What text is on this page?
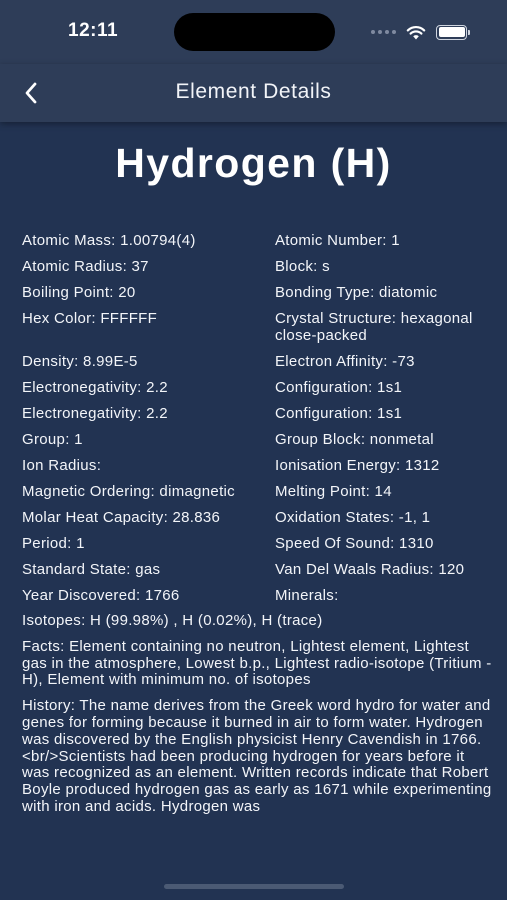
12:11
Element Details
Hydrogen (H)
Atomic Mass: 1.00794(4)	Atomic Number: 1
Atomic Radius: 37	Block: s
Boiling Point: 20	Bonding Type: diatomic
Hex Color: FFFFFF	Crystal Structure: hexagonal close-packed
Density: 8.99E-5	Electron Affinity: -73
Electronegativity: 2.2	Configuration: 1s1
Electronegativity: 2.2	Configuration: 1s1
Group: 1	Group Block: nonmetal
Ion Radius:	Ionisation Energy: 1312
Magnetic Ordering: dimagnetic	Melting Point: 14
Molar Heat Capacity: 28.836	Oxidation States: -1, 1
Period: 1	Speed Of Sound: 1310
Standard State: gas	Van Del Waals Radius: 120
Year Discovered: 1766	Minerals:
Isotopes: H (99.98%) , H (0.02%), H (trace)
Facts: Element containing no neutron, Lightest element, Lightest gas in the atmosphere, Lowest b.p., Lightest radio-isotope (Tritium - H), Element with minimum no. of isotopes
History: The name derives from the Greek word hydro for water and genes for forming because it burned in air to form water. Hydrogen was discovered by the English physicist Henry Cavendish in 1766.<br/>Scientists had been producing hydrogen for years before it was recognized as an element. Written records indicate that Robert Boyle produced hydrogen gas as early as 1671 while experimenting with iron and acids. Hydrogen was
